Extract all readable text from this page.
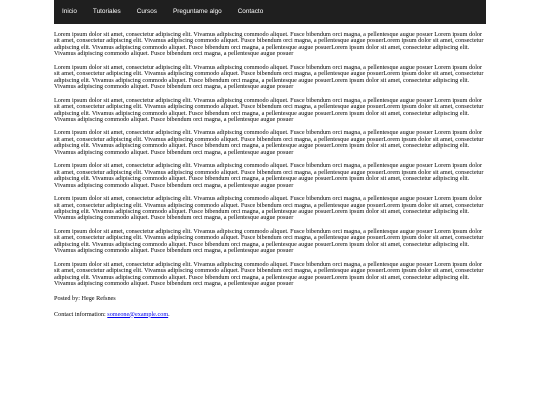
Inicio	Tutoriales	Cursos	Preguntame algo	Contacto

Lorem ipsum dolor sit amet, consectetur adipiscing elit. Vivamus adipiscing commodo aliquet. Fusce bibendum orci magna, a pellentesque augue posuer Lorem ipsum dolor sit amet, consectetur adipiscing elit. Vivamus adipiscing commodo aliquet. Fusce bibendum orci magna, a pellentesque augue posuerLorem ipsum dolor sit amet, consectetur adipiscing elit. Vivamus adipiscing commodo aliquet. Fusce bibendum orci magna, a pellentesque augue posuerLorem ipsum dolor sit amet, consectetur adipiscing elit. Vivamus adipiscing commodo aliquet. Fusce bibendum orci magna, a pellentesque augue posuer

Lorem ipsum dolor sit amet, consectetur adipiscing elit. Vivamus adipiscing commodo aliquet. Fusce bibendum orci magna, a pellentesque augue posuer Lorem ipsum dolor sit amet, consectetur adipiscing elit. Vivamus adipiscing commodo aliquet. Fusce bibendum orci magna, a pellentesque augue posuerLorem ipsum dolor sit amet, consectetur adipiscing elit. Vivamus adipiscing commodo aliquet. Fusce bibendum orci magna, a pellentesque augue posuerLorem ipsum dolor sit amet, consectetur adipiscing elit. Vivamus adipiscing commodo aliquet. Fusce bibendum orci magna, a pellentesque augue posuer

Lorem ipsum dolor sit amet, consectetur adipiscing elit. Vivamus adipiscing commodo aliquet. Fusce bibendum orci magna, a pellentesque augue posuer Lorem ipsum dolor sit amet, consectetur adipiscing elit. Vivamus adipiscing commodo aliquet. Fusce bibendum orci magna, a pellentesque augue posuerLorem ipsum dolor sit amet, consectetur adipiscing elit. Vivamus adipiscing commodo aliquet. Fusce bibendum orci magna, a pellentesque augue posuerLorem ipsum dolor sit amet, consectetur adipiscing elit. Vivamus adipiscing commodo aliquet. Fusce bibendum orci magna, a pellentesque augue posuer

Lorem ipsum dolor sit amet, consectetur adipiscing elit. Vivamus adipiscing commodo aliquet. Fusce bibendum orci magna, a pellentesque augue posuer Lorem ipsum dolor sit amet, consectetur adipiscing elit. Vivamus adipiscing commodo aliquet. Fusce bibendum orci magna, a pellentesque augue posuerLorem ipsum dolor sit amet, consectetur adipiscing elit. Vivamus adipiscing commodo aliquet. Fusce bibendum orci magna, a pellentesque augue posuerLorem ipsum dolor sit amet, consectetur adipiscing elit. Vivamus adipiscing commodo aliquet. Fusce bibendum orci magna, a pellentesque augue posuer

Lorem ipsum dolor sit amet, consectetur adipiscing elit. Vivamus adipiscing commodo aliquet. Fusce bibendum orci magna, a pellentesque augue posuer Lorem ipsum dolor sit amet, consectetur adipiscing elit. Vivamus adipiscing commodo aliquet. Fusce bibendum orci magna, a pellentesque augue posuerLorem ipsum dolor sit amet, consectetur adipiscing elit. Vivamus adipiscing commodo aliquet. Fusce bibendum orci magna, a pellentesque augue posuerLorem ipsum dolor sit amet, consectetur adipiscing elit. Vivamus adipiscing commodo aliquet. Fusce bibendum orci magna, a pellentesque augue posuer

Lorem ipsum dolor sit amet, consectetur adipiscing elit. Vivamus adipiscing commodo aliquet. Fusce bibendum orci magna, a pellentesque augue posuer Lorem ipsum dolor sit amet, consectetur adipiscing elit. Vivamus adipiscing commodo aliquet. Fusce bibendum orci magna, a pellentesque augue posuerLorem ipsum dolor sit amet, consectetur adipiscing elit. Vivamus adipiscing commodo aliquet. Fusce bibendum orci magna, a pellentesque augue posuerLorem ipsum dolor sit amet, consectetur adipiscing elit. Vivamus adipiscing commodo aliquet. Fusce bibendum orci magna, a pellentesque augue posuer

Lorem ipsum dolor sit amet, consectetur adipiscing elit. Vivamus adipiscing commodo aliquet. Fusce bibendum orci magna, a pellentesque augue posuer Lorem ipsum dolor sit amet, consectetur adipiscing elit. Vivamus adipiscing commodo aliquet. Fusce bibendum orci magna, a pellentesque augue posuerLorem ipsum dolor sit amet, consectetur adipiscing elit. Vivamus adipiscing commodo aliquet. Fusce bibendum orci magna, a pellentesque augue posuerLorem ipsum dolor sit amet, consectetur adipiscing elit. Vivamus adipiscing commodo aliquet. Fusce bibendum orci magna, a pellentesque augue posuer

Lorem ipsum dolor sit amet, consectetur adipiscing elit. Vivamus adipiscing commodo aliquet. Fusce bibendum orci magna, a pellentesque augue posuer Lorem ipsum dolor sit amet, consectetur adipiscing elit. Vivamus adipiscing commodo aliquet. Fusce bibendum orci magna, a pellentesque augue posuerLorem ipsum dolor sit amet, consectetur adipiscing elit. Vivamus adipiscing commodo aliquet. Fusce bibendum orci magna, a pellentesque augue posuerLorem ipsum dolor sit amet, consectetur adipiscing elit. Vivamus adipiscing commodo aliquet. Fusce bibendum orci magna, a pellentesque augue posuer

Posted by: Hege Refsnes

Contact information: someone@example.com.
